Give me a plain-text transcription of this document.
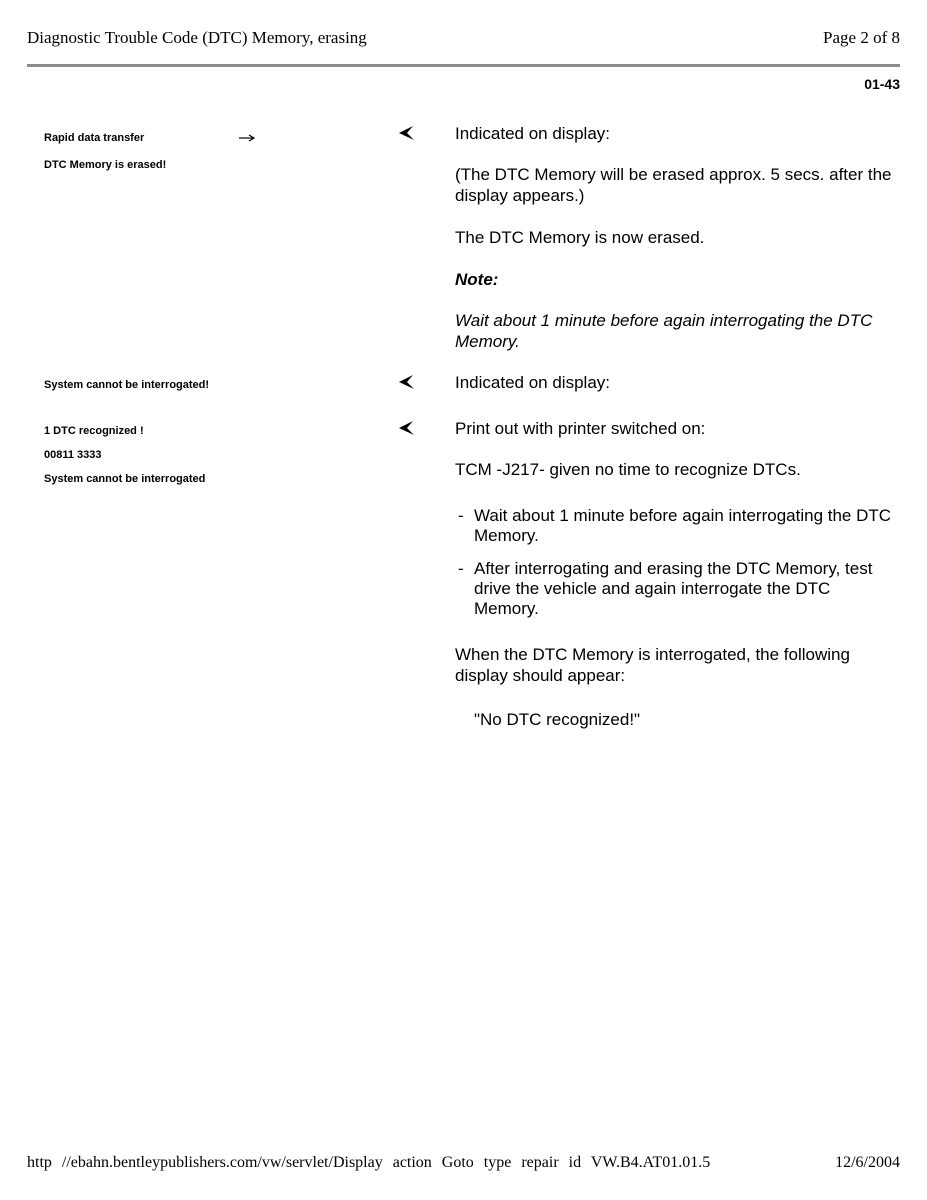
Diagnostic Trouble Code (DTC) Memory, erasing	Page 2 of 8
01-43
Rapid data transfer
DTC Memory is erased!
System cannot be interrogated!
1 DTC recognized !
00811 3333
System cannot be interrogated
Indicated on display:
(The DTC Memory will be erased approx. 5 secs. after the display appears.)
The DTC Memory is now erased.
Note:
Wait about 1 minute before again interrogating the DTC Memory.
Indicated on display:
Print out with printer switched on:
TCM -J217- given no time to recognize DTCs.
- Wait about 1 minute before again interrogating the DTC Memory.
- After interrogating and erasing the DTC Memory, test drive the vehicle and again interrogate the DTC Memory.
When the DTC Memory is interrogated, the following display should appear:
"No DTC recognized!"
http //ebahn.bentleypublishers.com/vw/servlet/Display action Goto type repair id VW.B4.AT01.01.5	12/6/2004
